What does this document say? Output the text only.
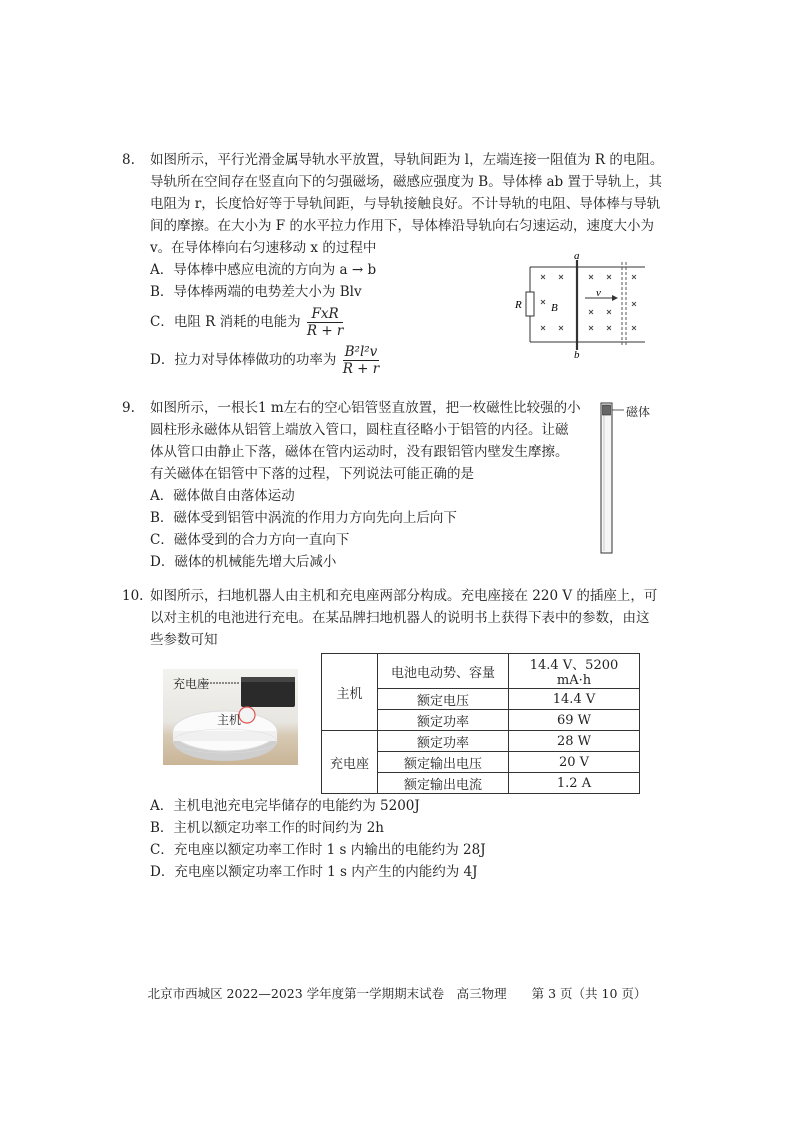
8. 如图所示，平行光滑金属导轨水平放置，导轨间距为 l，左端连接一阻值为 R 的电阻。
导轨所在空间存在竖直向下的匀强磁场，磁感应强度为 B。导体棒 ab 置于导轨上，其
电阻为 r，长度恰好等于导轨间距，与导轨接触良好。不计导轨的电阻、导体棒与导轨
间的摩擦。在大小为 F 的水平拉力作用下，导体棒沿导轨向右匀速运动，速度大小为
v。在导体棒向右匀速移动 x 的过程中
A．导体棒中感应电流的方向为 a → b
B．导体棒两端的电势差大小为 Blv
C．电阻 R 消耗的电能为 $\frac{\text{FxR}}{R + r}$
D．拉力对导体棒做功的功率为 $\frac{\text{B²l²v}}{R + r}$
a
b
R	B
v
9. 如图所示，一根长1 m左右的空心铝管竖直放置，把一枚磁性比较强的小
圆柱形永磁体从铝管上端放入管口，圆柱直径略小于铝管的内径。让磁
体从管口由静止下落，磁体在管内运动时，没有跟铝管内壁发生摩擦。
有关磁体在铝管中下落的过程，下列说法可能正确的是
A．磁体做自由落体运动
B．磁体受到铝管中涡流的作用力方向先向上后向下
C．磁体受到的合力方向一直向下
D．磁体的机械能先增大后减小
磁体
10. 如图所示，扫地机器人由主机和充电座两部分构成。充电座接在 220 V 的插座上，可
以对主机的电池进行充电。在某品牌扫地机器人的说明书上获得下表中的参数，由这
些参数可知
充电座
主机
主机	电池电动势、容量	14.4 V、5200 mA·h
	额定电压	14.4 V
	额定功率	69 W
充电座	额定功率	28 W
	额定输出电压	20 V
	额定输出电流	1.2 A
A．主机电池充电完毕储存的电能约为 5200J
B．主机以额定功率工作的时间约为 2h
C．充电座以额定功率工作时 1 s 内输出的电能约为 28J
D．充电座以额定功率工作时 1 s 内产生的内能约为 4J
北京市西城区 2022—2023 学年度第一学期期末试卷　高三物理　　第 3 页（共 10 页）
